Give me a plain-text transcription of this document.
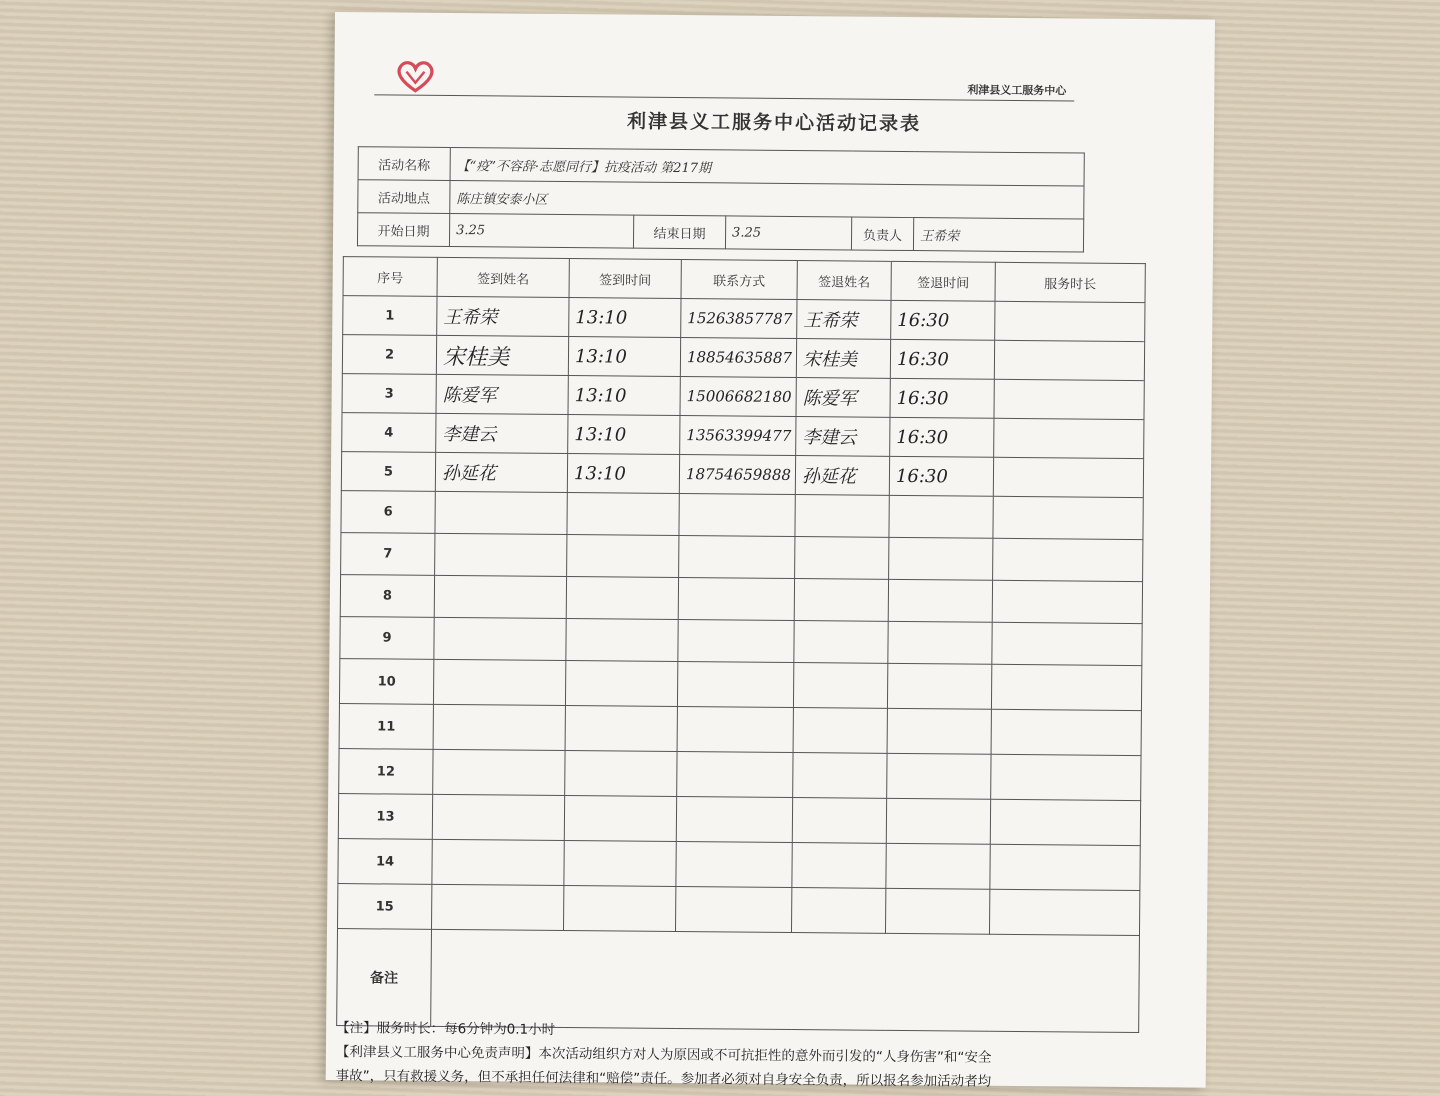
利津县义工服务中心
利津县义工服务中心活动记录表
活动名称	【“疫”不容辞·志愿同行】抗疫活动 第217期				
活动地点	陈庄镇安泰小区				
开始日期	3.25	结束日期	3.25	负责人	王希荣
序号	签到姓名	签到时间	联系方式	签退姓名	签退时间	服务时长
1	王希荣	13:10	15263857787	王希荣	16:30	
2	宋桂美	13:10	18854635887	宋桂美	16:30	
3	陈爱军	13:10	15006682180	陈爱军	16:30	
4	李建云	13:10	13563399477	李建云	16:30	
5	孙延花	13:10	18754659888	孙延花	16:30	
6						
7						
8						
9						
10						
11						
12						
13						
14						
15						
备注						

【注】服务时长：每6分钟为0.1小时

【利津县义工服务中心免责声明】本次活动组织方对人为原因或不可抗拒性的意外而引发的“人身伤害”和“安全

事故”，只有救援义务，但不承担任何法律和“赔偿”责任。参加者必须对自身安全负责，所以报名参加活动者均
